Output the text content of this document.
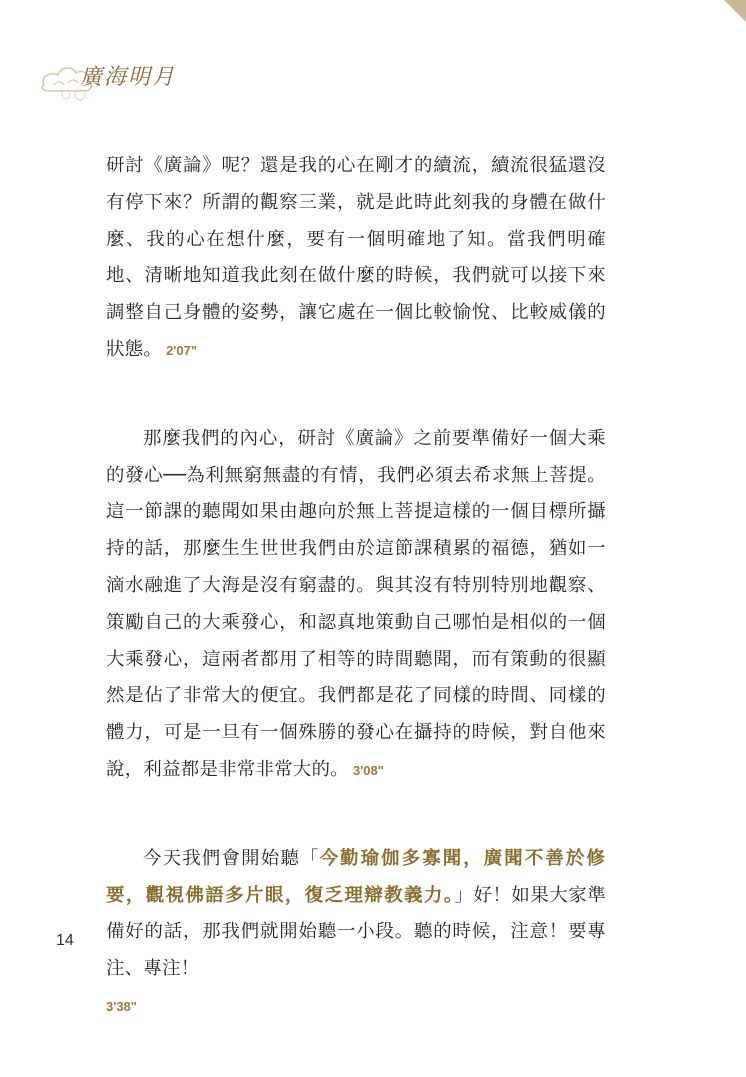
廣海明月

研討《廣論》呢？還是我的心在剛才的續流，續流很猛還沒有停下來？所謂的觀察三業，就是此時此刻我的身體在做什麼、我的心在想什麼，要有一個明確地了知。當我們明確地、清晰地知道我此刻在做什麼的時候，我們就可以接下來調整自己身體的姿勢，讓它處在一個比較愉悅、比較威儀的狀態。 2'07"

那麼我們的內心，研討《廣論》之前要準備好一個大乘的發心──為利無窮無盡的有情，我們必須去希求無上菩提。這一節課的聽聞如果由趣向於無上菩提這樣的一個目標所攝持的話，那麼生生世世我們由於這節課積累的福德，猶如一滴水融進了大海是沒有窮盡的。與其沒有特別特別地觀察、策勵自己的大乘發心，和認真地策動自己哪怕是相似的一個大乘發心，這兩者都用了相等的時間聽聞，而有策動的很顯然是佔了非常大的便宜。我們都是花了同樣的時間、同樣的體力，可是一旦有一個殊勝的發心在攝持的時候，對自他來說，利益都是非常非常大的。 3'08"

今天我們會開始聽「今勤瑜伽多寡聞，廣聞不善於修要，觀視佛語多片眼，復乏理辯教義力。」好！如果大家準備好的話，那我們就開始聽一小段。聽的時候，注意！要專注、專注！
3'38"

14
